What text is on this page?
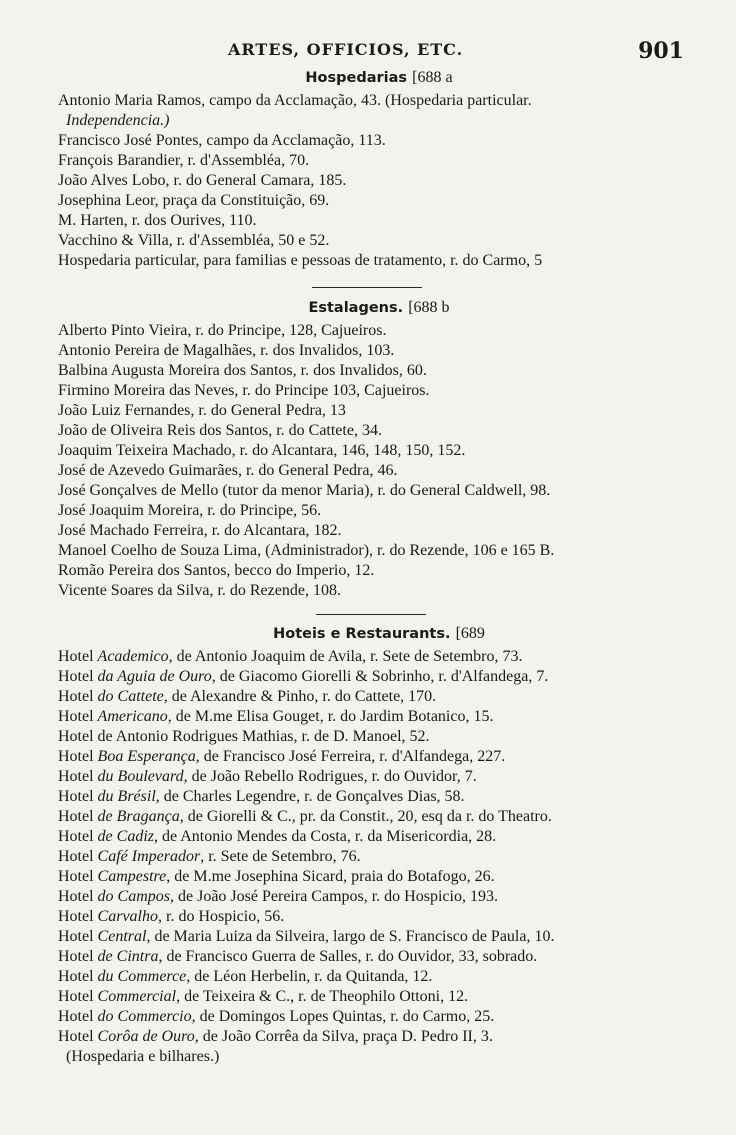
ARTES, OFFICIOS, ETC.	901
Hospedarias [688 a

Antonio Maria Ramos, campo da Acclamação, 43. (Hospedaria particular.

Independencia.)

Francisco José Pontes, campo da Acclamação, 113.

François Barandier, r. d'Assembléa, 70.

João Alves Lobo, r. do General Camara, 185.

Josephina Leor, praça da Constituição, 69.

M. Harten, r. dos Ourives, 110.

Vacchino & Villa, r. d'Assembléa, 50 e 52.

Hospedaria particular, para familias e pessoas de tratamento, r. do Carmo, 5

Estalagens. [688 b

Alberto Pinto Vieira, r. do Principe, 128, Cajueiros.

Antonio Pereira de Magalhães, r. dos Invalidos, 103.

Balbina Augusta Moreira dos Santos, r. dos Invalidos, 60.

Firmino Moreira das Neves, r. do Principe 103, Cajueiros.

João Luiz Fernandes, r. do General Pedra, 13

João de Oliveira Reis dos Santos, r. do Cattete, 34.

Joaquim Teixeira Machado, r. do Alcantara, 146, 148, 150, 152.

José de Azevedo Guimarães, r. do General Pedra, 46.

José Gonçalves de Mello (tutor da menor Maria), r. do General Caldwell, 98.

José Joaquim Moreira, r. do Principe, 56.

José Machado Ferreira, r. do Alcantara, 182.

Manoel Coelho de Souza Lima, (Administrador), r. do Rezende, 106 e 165 B.

Romão Pereira dos Santos, becco do Imperio, 12.

Vicente Soares da Silva, r. do Rezende, 108.

Hoteis e Restaurants. [689

Hotel Academico, de Antonio Joaquim de Avila, r. Sete de Setembro, 73.

Hotel da Aguia de Ouro, de Giacomo Giorelli & Sobrinho, r. d'Alfandega, 7.

Hotel do Cattete, de Alexandre & Pinho, r. do Cattete, 170.

Hotel Americano, de M.me Elisa Gouget, r. do Jardim Botanico, 15.

Hotel de Antonio Rodrigues Mathias, r. de D. Manoel, 52.

Hotel Boa Esperança, de Francisco José Ferreira, r. d'Alfandega, 227.

Hotel du Boulevard, de João Rebello Rodrigues, r. do Ouvidor, 7.

Hotel du Brésil, de Charles Legendre, r. de Gonçalves Dias, 58.

Hotel de Bragança, de Giorelli & C., pr. da Constit., 20, esq da r. do Theatro.

Hotel de Cadiz, de Antonio Mendes da Costa, r. da Misericordia, 28.

Hotel Café Imperador, r. Sete de Setembro, 76.

Hotel Campestre, de M.me Josephina Sicard, praia do Botafogo, 26.

Hotel do Campos, de João José Pereira Campos, r. do Hospicio, 193.

Hotel Carvalho, r. do Hospicio, 56.

Hotel Central, de Maria Luiza da Silveira, largo de S. Francisco de Paula, 10.

Hotel de Cintra, de Francisco Guerra de Salles, r. do Ouvidor, 33, sobrado.

Hotel du Commerce, de Léon Herbelin, r. da Quitanda, 12.

Hotel Commercial, de Teixeira & C., r. de Theophilo Ottoni, 12.

Hotel do Commercio, de Domingos Lopes Quintas, r. do Carmo, 25.

Hotel Corôa de Ouro, de João Corrêa da Silva, praça D. Pedro II, 3.

(Hospedaria e bilhares.)
